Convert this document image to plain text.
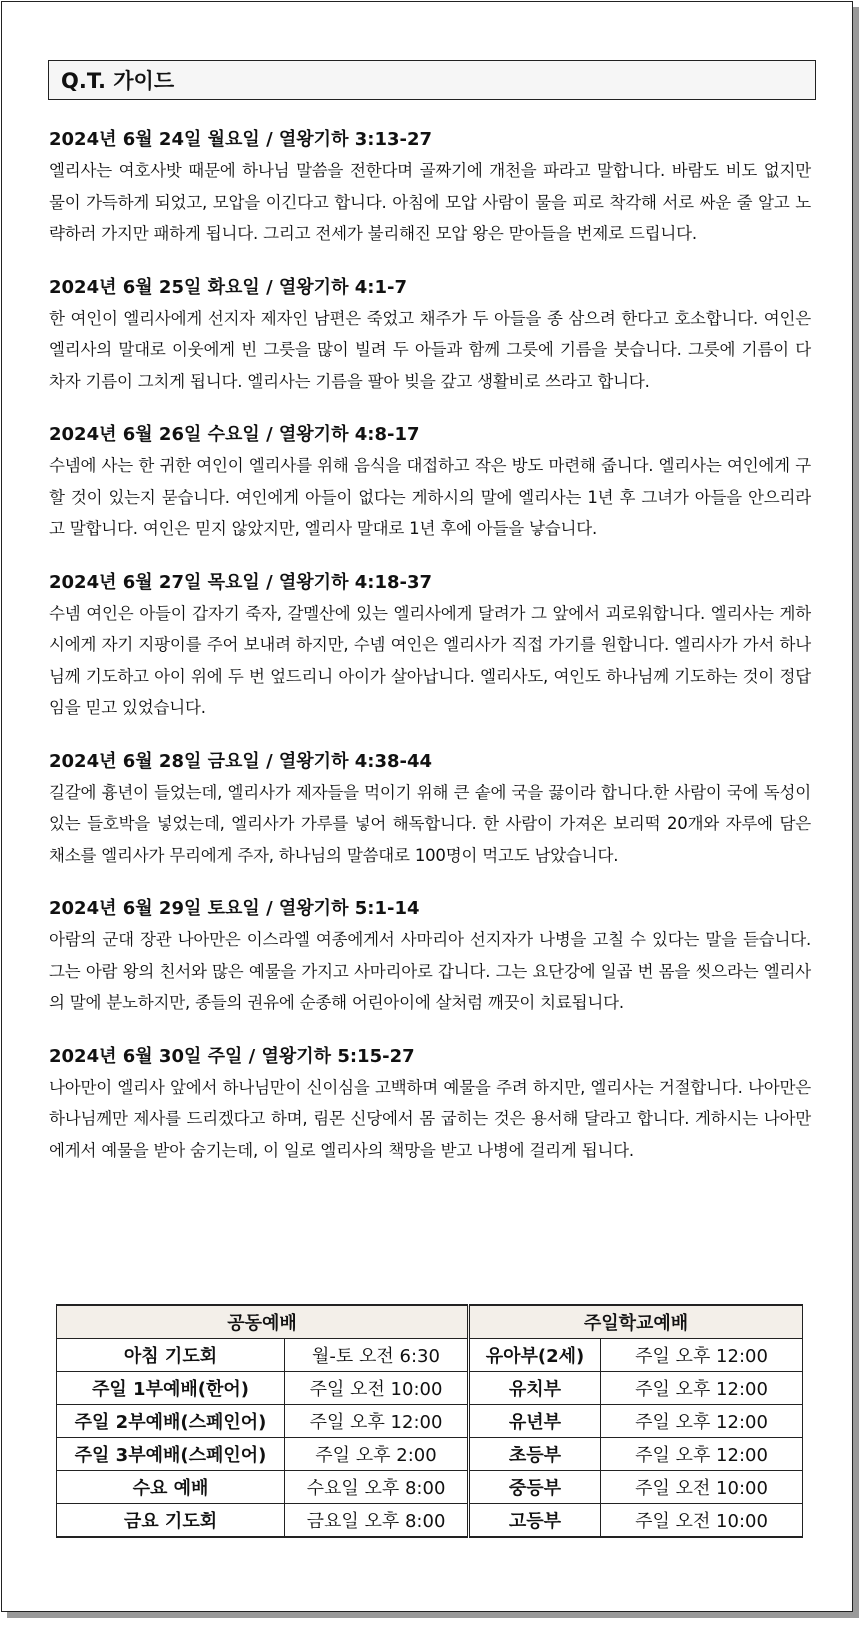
Q.T. 가이드
2024년 6월 24일 월요일 / 열왕기하 3:13-27

엘리사는 여호사밧 때문에 하나님 말씀을 전한다며 골짜기에 개천을 파라고 말합니다. 바람도 비도 없지만 물이 가득하게 되었고, 모압을 이긴다고 합니다. 아침에 모압 사람이 물을 피로 착각해 서로 싸운 줄 알고 노략하러 가지만 패하게 됩니다. 그리고 전세가 불리해진 모압 왕은 맏아들을 번제로 드립니다.

2024년 6월 25일 화요일 / 열왕기하 4:1-7

한 여인이 엘리사에게 선지자 제자인 남편은 죽었고 채주가 두 아들을 종 삼으려 한다고 호소합니다. 여인은 엘리사의 말대로 이웃에게 빈 그릇을 많이 빌려 두 아들과 함께 그릇에 기름을 붓습니다. 그릇에 기름이 다 차자 기름이 그치게 됩니다. 엘리사는 기름을 팔아 빚을 갚고 생활비로 쓰라고 합니다.

2024년 6월 26일 수요일 / 열왕기하 4:8-17

수넴에 사는 한 귀한 여인이 엘리사를 위해 음식을 대접하고 작은 방도 마련해 줍니다. 엘리사는 여인에게 구할 것이 있는지 묻습니다. 여인에게 아들이 없다는 게하시의 말에 엘리사는 1년 후 그녀가 아들을 안으리라고 말합니다. 여인은 믿지 않았지만, 엘리사 말대로 1년 후에 아들을 낳습니다.

2024년 6월 27일 목요일 / 열왕기하 4:18-37

수넴 여인은 아들이 갑자기 죽자, 갈멜산에 있는 엘리사에게 달려가 그 앞에서 괴로워합니다. 엘리사는 게하시에게 자기 지팡이를 주어 보내려 하지만, 수넴 여인은 엘리사가 직접 가기를 원합니다. 엘리사가 가서 하나님께 기도하고 아이 위에 두 번 엎드리니 아이가 살아납니다. 엘리사도, 여인도 하나님께 기도하는 것이 정답임을 믿고 있었습니다.

2024년 6월 28일 금요일 / 열왕기하 4:38-44

길갈에 흉년이 들었는데, 엘리사가 제자들을 먹이기 위해 큰 솥에 국을 끓이라 합니다.한 사람이 국에 독성이 있는 들호박을 넣었는데, 엘리사가 가루를 넣어 해독합니다. 한 사람이 가져온 보리떡 20개와 자루에 담은 채소를 엘리사가 무리에게 주자, 하나님의 말씀대로 100명이 먹고도 남았습니다.

2024년 6월 29일 토요일 / 열왕기하 5:1-14

아람의 군대 장관 나아만은 이스라엘 여종에게서 사마리아 선지자가 나병을 고칠 수 있다는 말을 듣습니다. 그는 아람 왕의 친서와 많은 예물을 가지고 사마리아로 갑니다. 그는 요단강에 일곱 번 몸을 씻으라는 엘리사의 말에 분노하지만, 종들의 권유에 순종해 어린아이에 살처럼 깨끗이 치료됩니다.

2024년 6월 30일 주일 / 열왕기하 5:15-27

나아만이 엘리사 앞에서 하나님만이 신이심을 고백하며 예물을 주려 하지만, 엘리사는 거절합니다. 나아만은 하나님께만 제사를 드리겠다고 하며, 림몬 신당에서 몸 굽히는 것은 용서해 달라고 합니다. 게하시는 나아만에게서 예물을 받아 숨기는데, 이 일로 엘리사의 책망을 받고 나병에 걸리게 됩니다.

공동예배		주일학교예배	
아침 기도회	월-토 오전 6:30	유아부(2세)	주일 오후 12:00
주일 1부예배(한어)	주일 오전 10:00	유치부	주일 오후 12:00
주일 2부예배(스페인어)	주일 오후 12:00	유년부	주일 오후 12:00
주일 3부예배(스페인어)	주일 오후 2:00	초등부	주일 오후 12:00
수요 예배	수요일 오후 8:00	중등부	주일 오전 10:00
금요 기도회	금요일 오후 8:00	고등부	주일 오전 10:00
